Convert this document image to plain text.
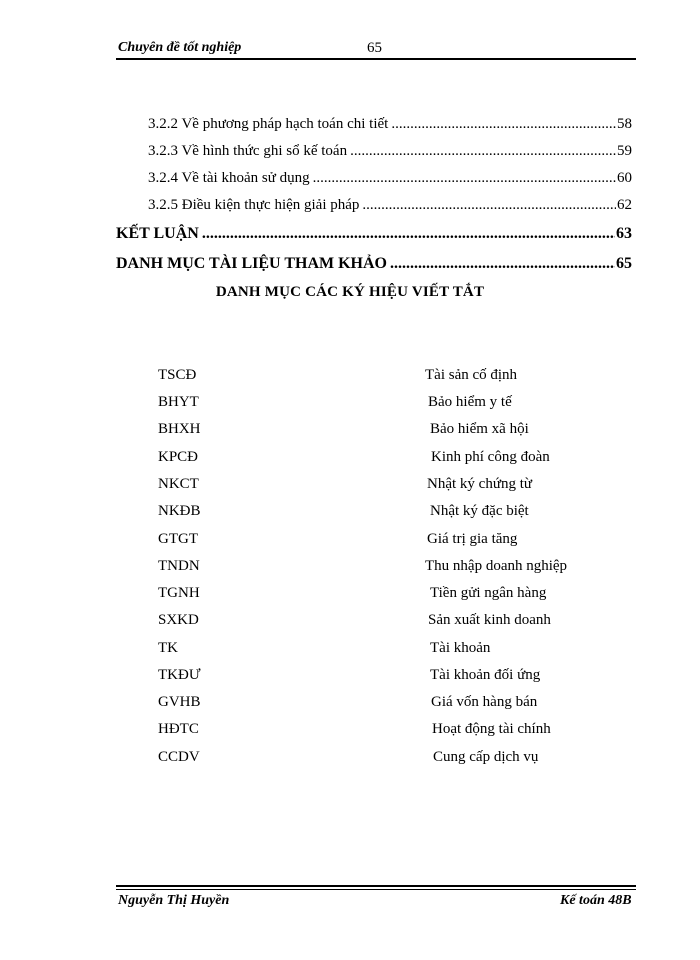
Chuyên đề tốt nghiệp	65
3.2.2 Về phương pháp hạch toán chi tiết .....	58
3.2.3 Về hình thức ghi sổ kế toán .....	59
3.2.4 Về tài khoản sử dụng .....	60
3.2.5 Điều kiện thực hiện giải pháp .....	62
KẾT LUẬN .....	63
DANH MỤC TÀI LIỆU THAM KHẢO .....	65
DANH MỤC CÁC KÝ HIỆU VIẾT TẮT
TSCĐ	Tài sản cố định
BHYT	Bảo hiểm y tế
BHXH	Bảo hiểm xã hội
KPCĐ	Kinh phí công đoàn
NKCT	Nhật ký chứng từ
NKĐB	Nhật ký đặc biệt
GTGT	Giá trị gia tăng
TNDN	Thu nhập doanh nghiệp
TGNH	Tiền gửi ngân hàng
SXKD	Sản xuất kinh doanh
TK	Tài khoản
TKĐƯ	Tài khoản đối ứng
GVHB	Giá vốn hàng bán
HĐTC	Hoạt động tài chính
CCDV	Cung cấp dịch vụ
Nguyễn Thị Huyền	Kế toán 48B
